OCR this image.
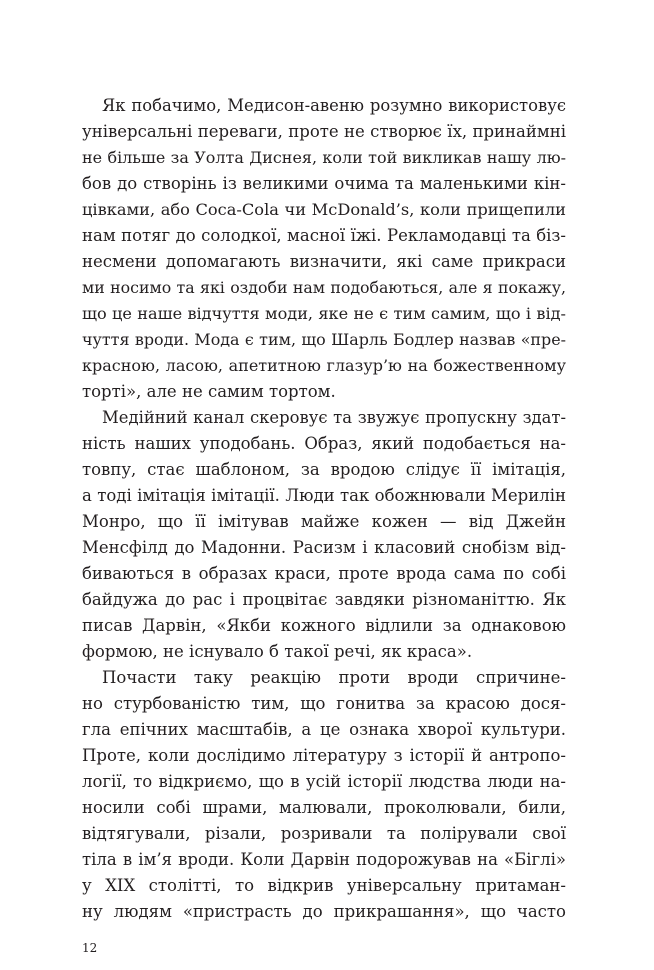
Як побачимо, Медисон-авеню розумно використовує
універсальні переваги, проте не створює їх, принаймні
не більше за Уолта Диснея, коли той викликав нашу лю-
бов до створінь із великими очима та маленькими кін-
цівками, або Coca-Cola чи McDonald’s, коли прищепили
нам потяг до солодкої, масної їжі. Рекламодавці та біз-
несмени допомагають визначити, які саме прикраси
ми носимо та які оздоби нам подобаються, але я покажу,
що це наше відчуття моди, яке не є тим самим, що і від-
чуття вроди. Мода є тим, що Шарль Бодлер назвав «пре-
красною, ласою, апетитною глазур’ю на божественному
торті», але не самим тортом.
Медійний канал скеровує та звужує пропускну здат-
ність наших уподобань. Образ, який подобається на-
товпу, стає шаблоном, за вродою слідує її імітація,
а тоді імітація імітації. Люди так обожнювали Мерилін
Монро, що її імітував майже кожен — від Джейн
Менсфілд до Мадонни. Расизм і класовий снобізм від-
биваються в образах краси, проте врода сама по собі
байдужа до рас і процвітає завдяки різноманіттю. Як
писав Дарвін, «Якби кожного відлили за однаковою
формою, не існувало б такої речі, як краса».
Почасти таку реакцію проти вроди спричине-
но стурбованістю тим, що гонитва за красою дося-
гла епічних масштабів, а це ознака хворої культури.
Проте, коли дослідимо літературу з історії й антропо-
логії, то відкриємо, що в усій історії людства люди на-
носили собі шрами, малювали, проколювали, били,
відтягували, різали, розривали та полірували свої
тіла в ім’я вроди. Коли Дарвін подорожував на «Біглі»
у XIX столітті, то відкрив універсальну притаман-
ну людям «пристрасть до прикрашання», що часто
12
